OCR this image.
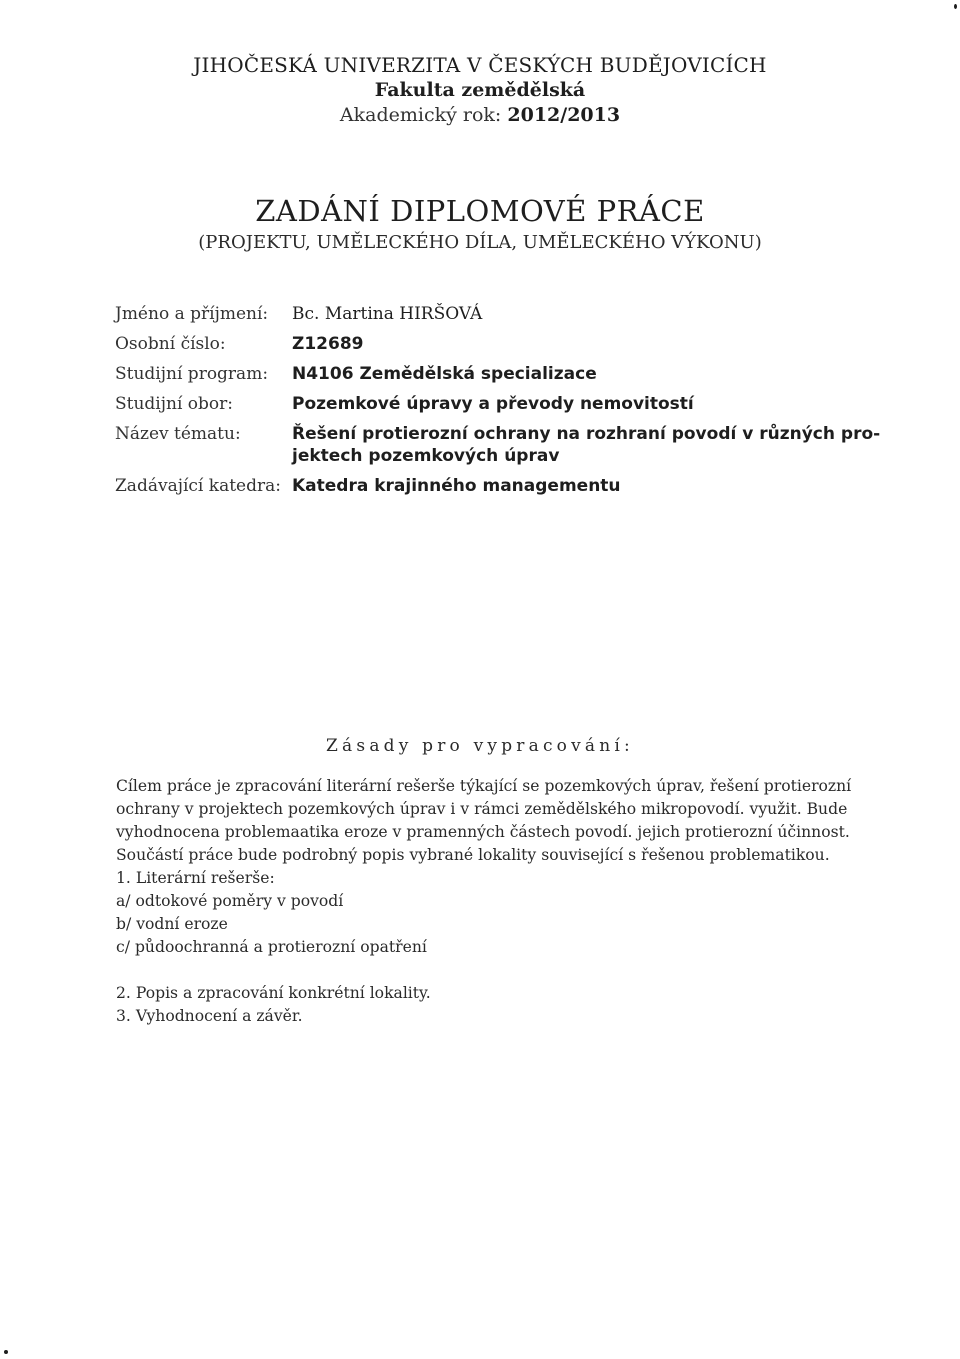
JIHOČESKÁ UNIVERZITA V ČESKÝCH BUDĚJOVICÍCH
Fakulta zemědělská
Akademický rok: 2012/2013
ZADÁNÍ DIPLOMOVÉ PRÁCE
(PROJEKTU, UMĚLECKÉHO DÍLA, UMĚLECKÉHO VÝKONU)
Jméno a příjmení:	Bc. Martina HIRŠOVÁ
Osobní číslo:	Z12689
Studijní program:	N4106 Zemědělská specializace
Studijní obor:	Pozemkové úpravy a převody nemovitostí
Název tématu:	Řešení protierozní ochrany na rozhraní povodí v různých pro-
jektech pozemkových úprav
Zadávající katedra: Katedra krajinného managementu
Zásady pro vypracování:

Cílem práce je zpracování literární rešerše týkající se pozemkových úprav, řešení protierozní

ochrany v projektech pozemkových úprav i v rámci zemědělského mikropovodí. využit. Bude

vyhodnocena problemaatika eroze v pramenných částech povodí. jejich protierozní účinnost.

Součástí práce bude podrobný popis vybrané lokality související s řešenou problematikou.

1. Literární rešerše:

a/ odtokové poměry v povodí

b/ vodní eroze

c/ půdoochranná a protierozní opatření

2. Popis a zpracování konkrétní lokality.

3. Vyhodnocení a závěr.
